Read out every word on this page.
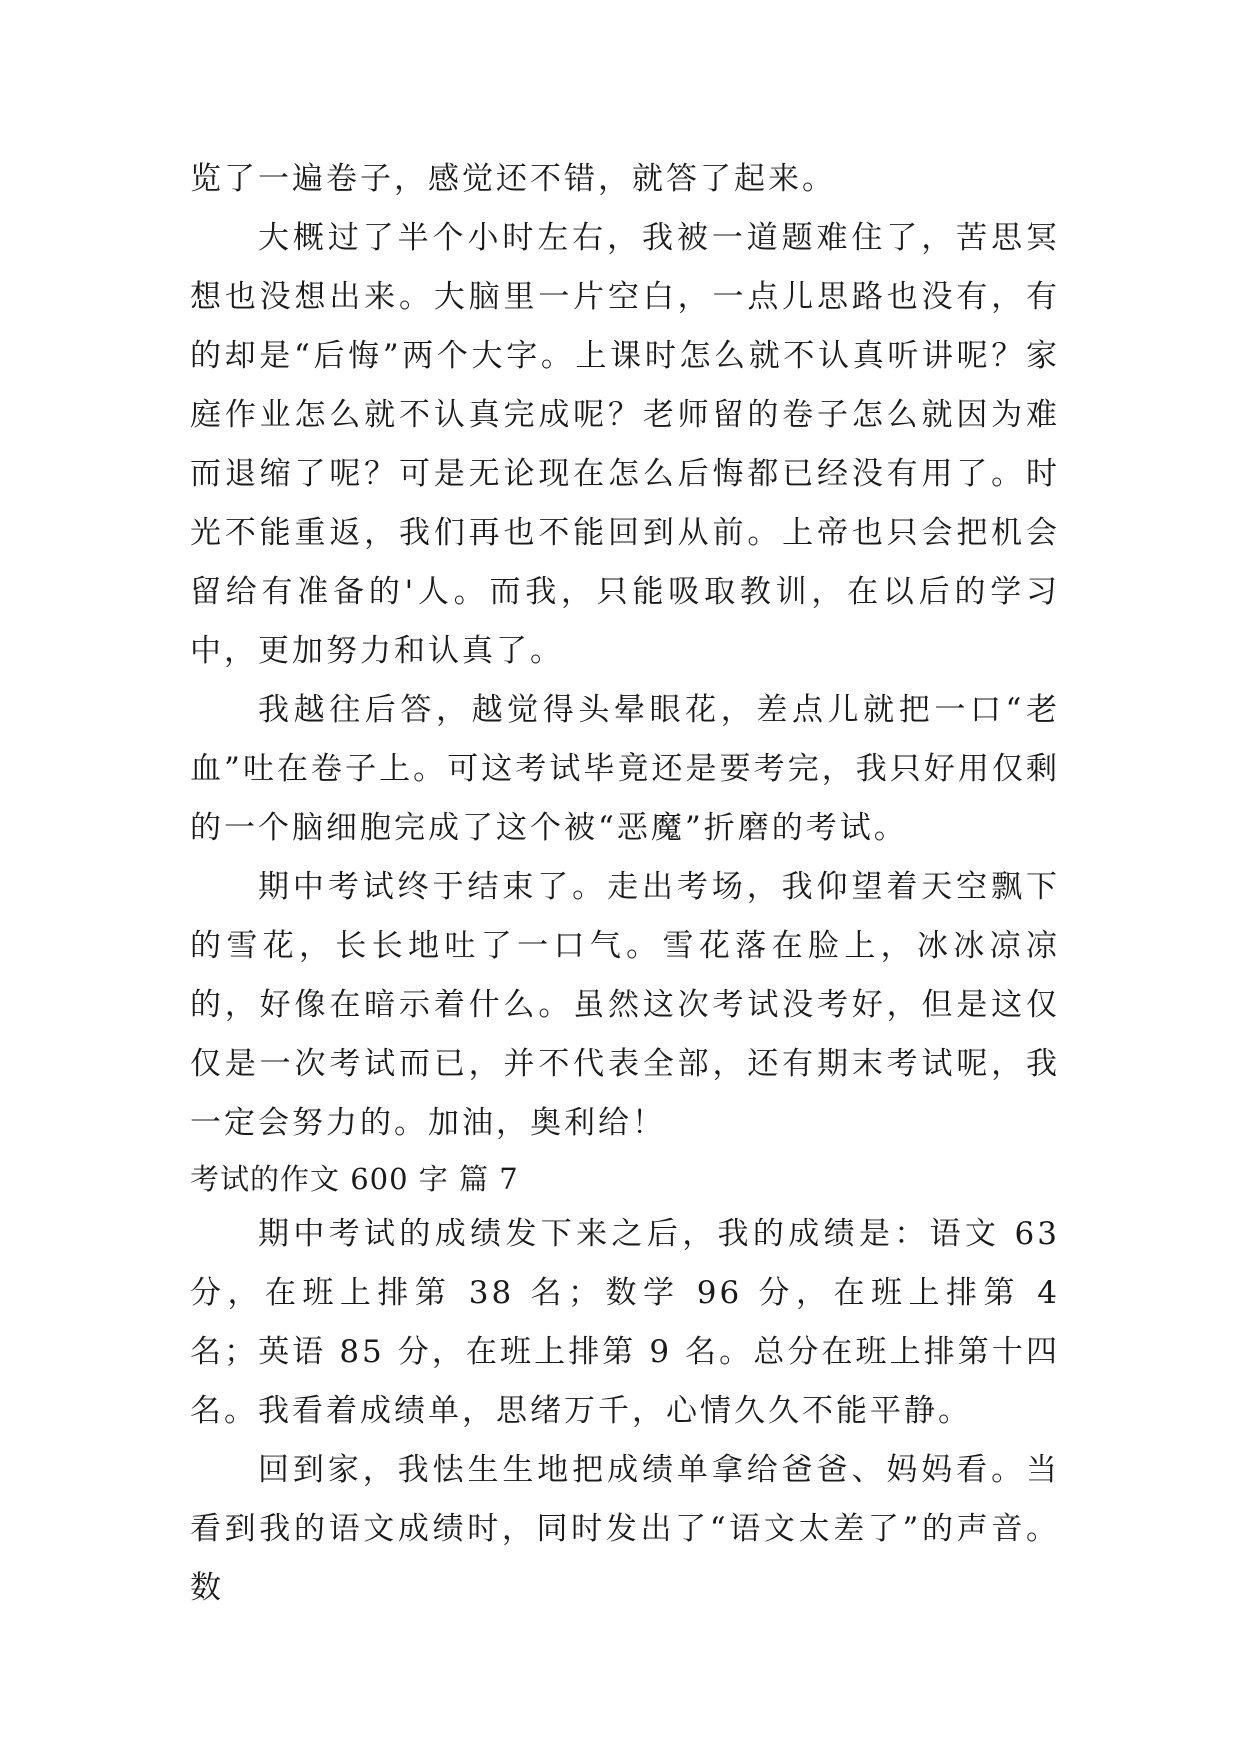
览了一遍卷子，感觉还不错，就答了起来。

大概过了半个小时左右，我被一道题难住了，苦思冥想也没想出来。大脑里一片空白，一点儿思路也没有，有的却是“后悔”两个大字。上课时怎么就不认真听讲呢？家庭作业怎么就不认真完成呢？老师留的卷子怎么就因为难而退缩了呢？可是无论现在怎么后悔都已经没有用了。时光不能重返，我们再也不能回到从前。上帝也只会把机会留给有准备的'人。而我，只能吸取教训，在以后的学习中，更加努力和认真了。

我越往后答，越觉得头晕眼花，差点儿就把一口“老血”吐在卷子上。可这考试毕竟还是要考完，我只好用仅剩的一个脑细胞完成了这个被“恶魔”折磨的考试。

期中考试终于结束了。走出考场，我仰望着天空飘下的雪花，长长地吐了一口气。雪花落在脸上，冰冰凉凉的，好像在暗示着什么。虽然这次考试没考好，但是这仅仅是一次考试而已，并不代表全部，还有期末考试呢，我一定会努力的。加油，奥利给！

考试的作文 600 字 篇 7

期中考试的成绩发下来之后，我的成绩是：语文 63 分，在班上排第 38 名；数学 96 分，在班上排第 4 名；英语 85 分，在班上排第 9 名。总分在班上排第十四名。我看着成绩单，思绪万千，心情久久不能平静。

回到家，我怯生生地把成绩单拿给爸爸、妈妈看。当看到我的语文成绩时，同时发出了“语文太差了”的声音。数
